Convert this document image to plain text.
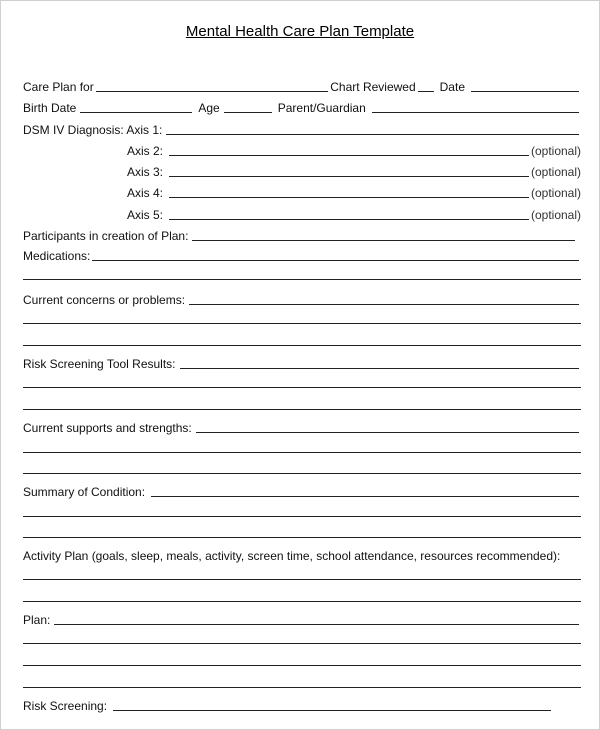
Mental Health Care Plan Template
Care Plan for	Chart Reviewed Date
Birth Date	Age	Parent/Guardian
DSM IV Diagnosis: Axis 1:
Axis 2:	(optional)
Axis 3:	(optional)
Axis 4:	(optional)
Axis 5:	(optional)
Participants in creation of Plan:
Medications:
Current concerns or problems:
Risk Screening Tool Results:
Current supports and strengths:
Summary of Condition:
Activity Plan (goals, sleep, meals, activity, screen time, school attendance, resources recommended):
Plan:
Risk Screening:
